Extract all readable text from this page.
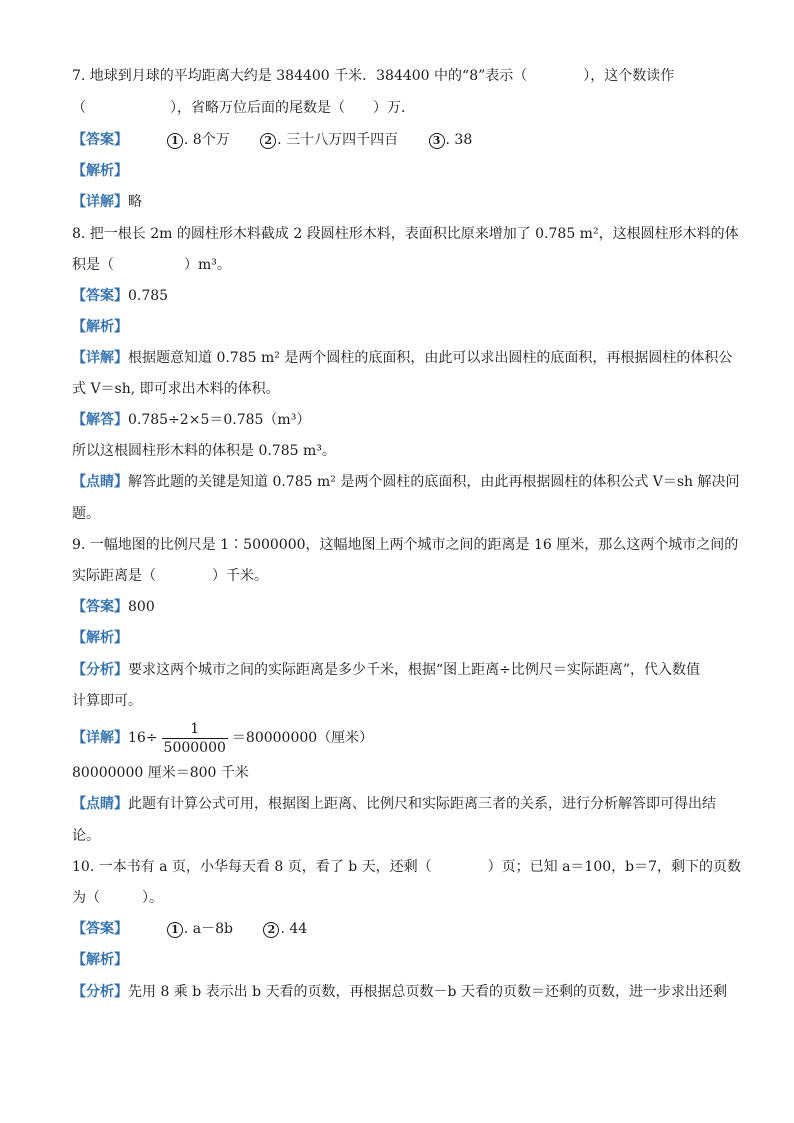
7. 地球到月球的平均距离大约是 384400 千米．384400 中的“8”表示（　　　　），这个数读作
（　　　　　　），省略万位后面的尾数是（　　）万．
【答案】	1 . 8个万	2 . 三十八万四千四百	3 . 38
【解析】
【详解】略
8. 把一根长 2m 的圆柱形木料截成 2 段圆柱形木料，表面积比原来增加了 0.785 m²，这根圆柱形木料的体
积是（　　　　　）m³。
【答案】0.785
【解析】
【详解】根据题意知道 0.785 m² 是两个圆柱的底面积，由此可以求出圆柱的底面积，再根据圆柱的体积公
式 V＝sh, 即可求出木料的体积。
【解答】0.785÷2×5＝0.785（m³）
所以这根圆柱形木料的体积是 0.785 m³。
【点睛】解答此题的关键是知道 0.785 m² 是两个圆柱的底面积，由此再根据圆柱的体积公式 V＝sh 解决问
题。
9. 一幅地图的比例尺是 1∶5000000，这幅地图上两个城市之间的距离是 16 厘米，那么这两个城市之间的
实际距离是（　　　　）千米。
【答案】800
【解析】
【分析】要求这两个城市之间的实际距离是多少千米，根据“图上距离÷比例尺＝实际距离”，代入数值
计算即可。
【详解】$16\div \frac{1}{5000000} =80000000$（厘米）
80000000 厘米＝800 千米
【点睛】此题有计算公式可用，根据图上距离、比例尺和实际距离三者的关系，进行分析解答即可得出结
论。
10. 一本书有 a 页，小华每天看 8 页，看了 b 天，还剩（　　　　）页；已知 a＝100，b＝7，剩下的页数
为（　　　）。
【答案】	1 . a－8b	2 . 44
【解析】
【分析】先用 8 乘 b 表示出 b 天看的页数，再根据总页数－b 天看的页数＝还剩的页数，进一步求出还剩
